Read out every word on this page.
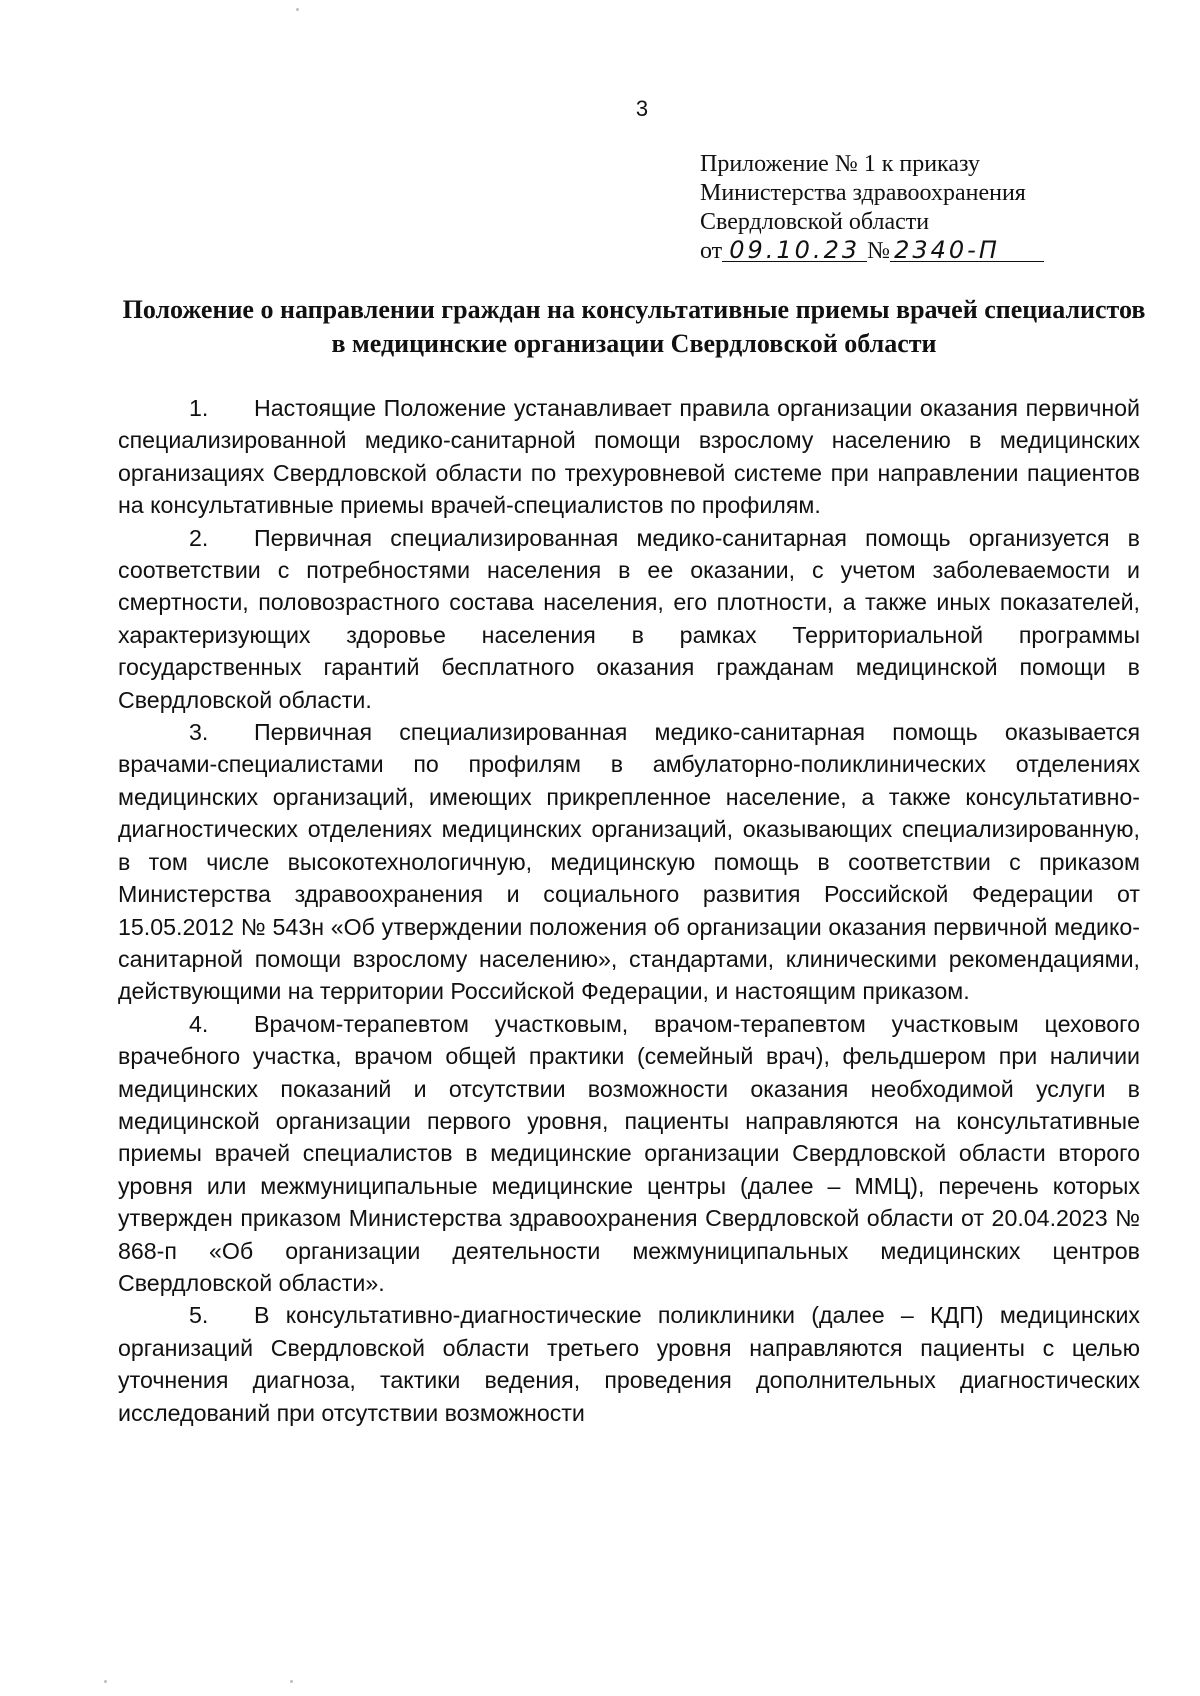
3
Приложение № 1 к приказу
Министерства здравоохранения
Свердловской области
от 09.10.23 № 2340-П
Положение о направлении граждан на консультативные приемы врачей специалистов в медицинские организации Свердловской области

1. Настоящие Положение устанавливает правила организации оказания первичной специализированной медико-санитарной помощи взрослому населению в медицинских организациях Свердловской области по трехуровневой системе при направлении пациентов на консультативные приемы врачей-специалистов по профилям.

2. Первичная специализированная медико-санитарная помощь организуется в соответствии с потребностями населения в ее оказании, с учетом заболеваемости и смертности, половозрастного состава населения, его плотности, а также иных показателей, характеризующих здоровье населения в рамках Территориальной программы государственных гарантий бесплатного оказания гражданам медицинской помощи в Свердловской области.

3. Первичная специализированная медико-санитарная помощь оказывается врачами-специалистами по профилям в амбулаторно-поликлинических отделениях медицинских организаций, имеющих прикрепленное население, а также консультативно-диагностических отделениях медицинских организаций, оказывающих специализированную, в том числе высокотехнологичную, медицинскую помощь в соответствии с приказом Министерства здравоохранения и социального развития Российской Федерации от 15.05.2012 № 543н «Об утверждении положения об организации оказания первичной медико-санитарной помощи взрослому населению», стандартами, клиническими рекомендациями, действующими на территории Российской Федерации, и настоящим приказом.

4. Врачом-терапевтом участковым, врачом-терапевтом участковым цехового врачебного участка, врачом общей практики (семейный врач), фельдшером при наличии медицинских показаний и отсутствии возможности оказания необходимой услуги в медицинской организации первого уровня, пациенты направляются на консультативные приемы врачей специалистов в медицинские организации Свердловской области второго уровня или межмуниципальные медицинские центры (далее – ММЦ), перечень которых утвержден приказом Министерства здравоохранения Свердловской области от 20.04.2023 № 868-п «Об организации деятельности межмуниципальных медицинских центров Свердловской области».

5. В консультативно-диагностические поликлиники (далее – КДП) медицинских организаций Свердловской области третьего уровня направляются пациенты с целью уточнения диагноза, тактики ведения, проведения дополнительных диагностических исследований при отсутствии возможности
